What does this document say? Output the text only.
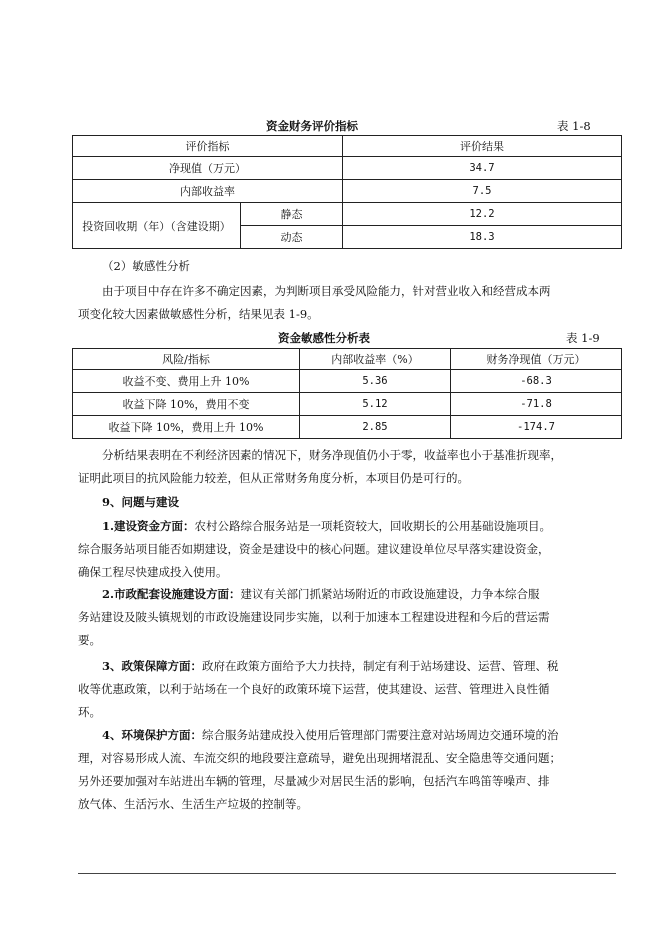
资金财务评价指标	表 1-8
评价指标		评价结果
净现值（万元）		34.7
内部收益率		7.5
投资回收期（年）（含建设期）	静态	12.2
	动态	18.3
（2）敏感性分析
由于项目中存在许多不确定因素，为判断项目承受风险能力，针对营业收入和经营成本两
项变化较大因素做敏感性分析，结果见表 1-9。
资金敏感性分析表	表 1-9
风险/指标	内部收益率（%）	财务净现值（万元）
收益不变、费用上升 10%	5.36	-68.3
收益下降 10%，费用不变	5.12	-71.8
收益下降 10%，费用上升 10%	2.85	-174.7
分析结果表明在不利经济因素的情况下，财务净现值仍小于零，收益率也小于基准折现率，
证明此项目的抗风险能力较差，但从正常财务角度分析，本项目仍是可行的。
9、问题与建设
1.建设资金方面：农村公路综合服务站是一项耗资较大，回收期长的公用基础设施项目。
综合服务站项目能否如期建设，资金是建设中的核心问题。建议建设单位尽早落实建设资金，
确保工程尽快建成投入使用。
2.市政配套设施建设方面：建议有关部门抓紧站场附近的市政设施建设，力争本综合服
务站建设及陂头镇规划的市政设施建设同步实施，以利于加速本工程建设进程和今后的营运需
要。
3、政策保障方面：政府在政策方面给予大力扶持，制定有利于站场建设、运营、管理、税
收等优惠政策，以利于站场在一个良好的政策环境下运营，使其建设、运营、管理进入良性循
环。
4、环境保护方面：综合服务站建成投入使用后管理部门需要注意对站场周边交通环境的治
理，对容易形成人流、车流交织的地段要注意疏导，避免出现拥堵混乱、安全隐患等交通问题；
另外还要加强对车站进出车辆的管理，尽量减少对居民生活的影响，包括汽车鸣笛等噪声、排
放气体、生活污水、生活生产垃圾的控制等。
